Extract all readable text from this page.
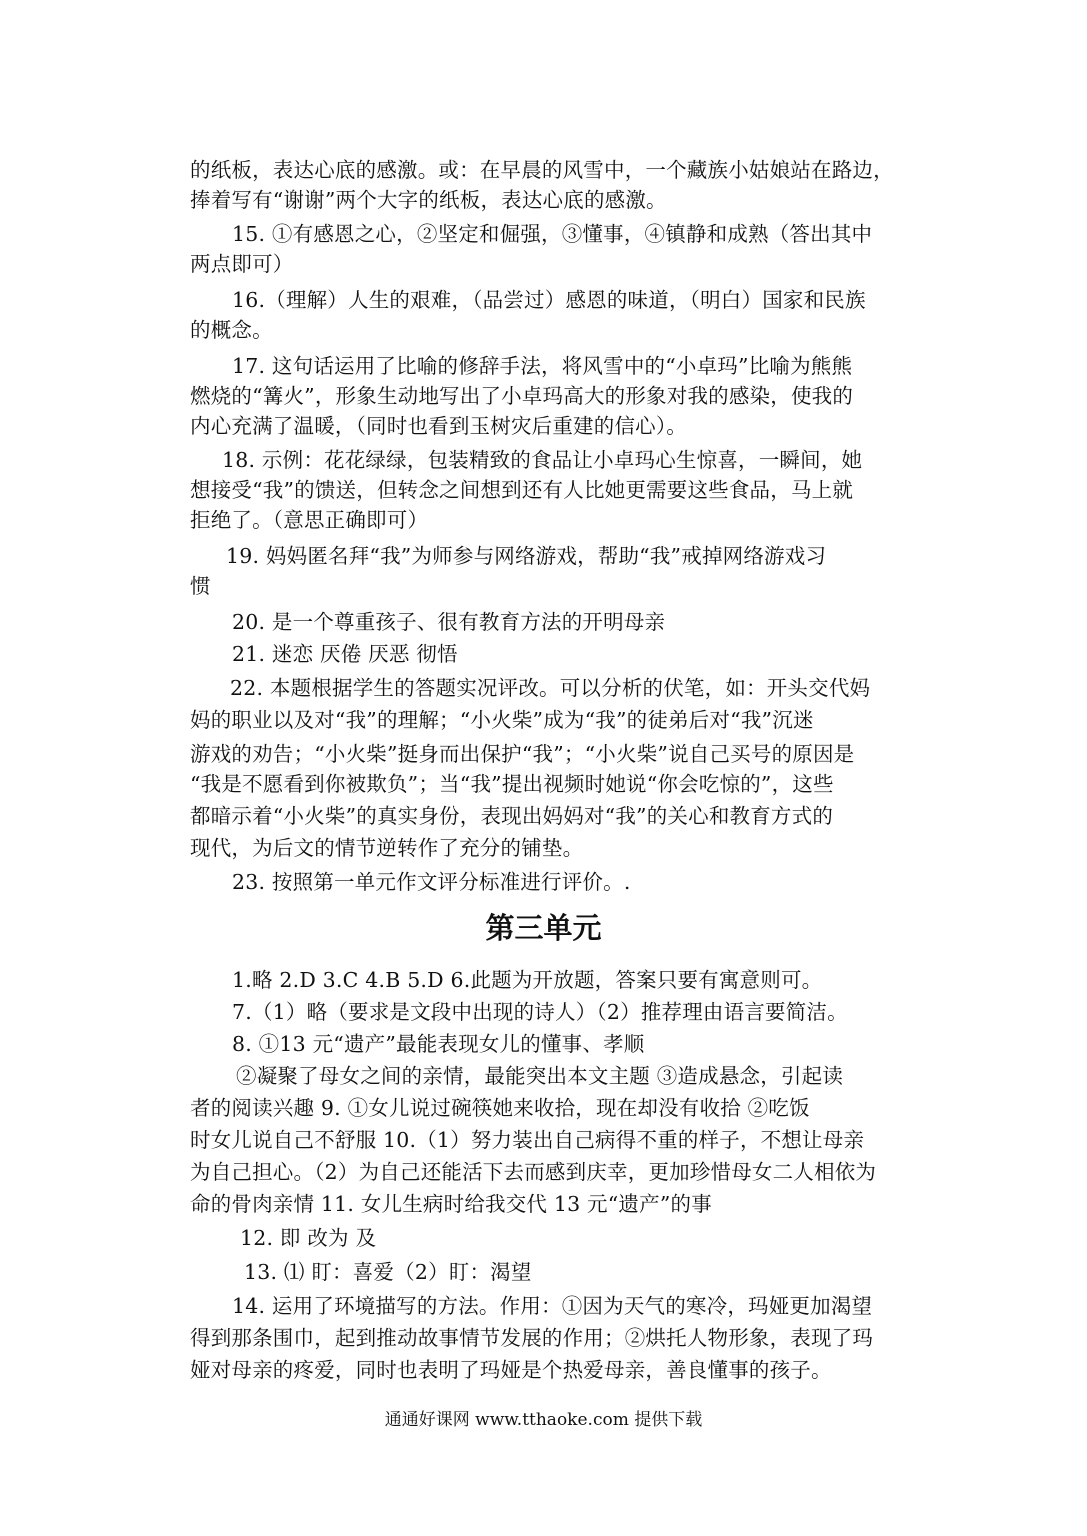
的纸板，表达心底的感激。或：在早晨的风雪中，一个藏族小姑娘站在路边，
捧着写有“谢谢”两个大字的纸板，表达心底的感激。
15. ①有感恩之心，②坚定和倔强，③懂事，④镇静和成熟（答出其中
两点即可）
16.（理解）人生的艰难，（品尝过）感恩的味道，（明白）国家和民族
的概念。
17. 这句话运用了比喻的修辞手法，将风雪中的“小卓玛”比喻为熊熊
燃烧的“篝火”，形象生动地写出了小卓玛高大的形象对我的感染，使我的
内心充满了温暖，（同时也看到玉树灾后重建的信心）。
18. 示例：花花绿绿，包装精致的食品让小卓玛心生惊喜，一瞬间，她
想接受“我”的馈送，但转念之间想到还有人比她更需要这些食品，马上就
拒绝了。（意思正确即可）
19. 妈妈匿名拜“我”为师参与网络游戏，帮助“我”戒掉网络游戏习
惯
20. 是一个尊重孩子、很有教育方法的开明母亲
21. 迷恋 厌倦 厌恶 彻悟
22. 本题根据学生的答题实况评改。可以分析的伏笔，如：开头交代妈
妈的职业以及对“我”的理解；“小火柴”成为“我”的徒弟后对“我”沉迷
游戏的劝告；“小火柴”挺身而出保护“我”；“小火柴”说自己买号的原因是
“我是不愿看到你被欺负”；当“我”提出视频时她说“你会吃惊的”，这些
都暗示着“小火柴”的真实身份，表现出妈妈对“我”的关心和教育方式的
现代，为后文的情节逆转作了充分的铺垫。
23. 按照第一单元作文评分标准进行评价。.
第三单元
1.略 2.D 3.C 4.B 5.D 6.此题为开放题，答案只要有寓意则可。
7.（1）略（要求是文段中出现的诗人）（2）推荐理由语言要简洁。
8. ①13 元“遗产”最能表现女儿的懂事、孝顺
②凝聚了母女之间的亲情，最能突出本文主题 ③造成悬念，引起读
者的阅读兴趣 9. ①女儿说过碗筷她来收拾，现在却没有收拾 ②吃饭
时女儿说自己不舒服 10.（1）努力装出自己病得不重的样子，不想让母亲
为自己担心。（2）为自己还能活下去而感到庆幸，更加珍惜母女二人相依为
命的骨肉亲情 11. 女儿生病时给我交代 13 元“遗产”的事
12. 即 改为 及
13. ⑴ 盯：喜爱（2）盯：渴望
14. 运用了环境描写的方法。作用：①因为天气的寒冷，玛娅更加渴望
得到那条围巾，起到推动故事情节发展的作用；②烘托人物形象，表现了玛
娅对母亲的疼爱，同时也表明了玛娅是个热爱母亲，善良懂事的孩子。
通通好课网 www.tthaoke.com 提供下载
